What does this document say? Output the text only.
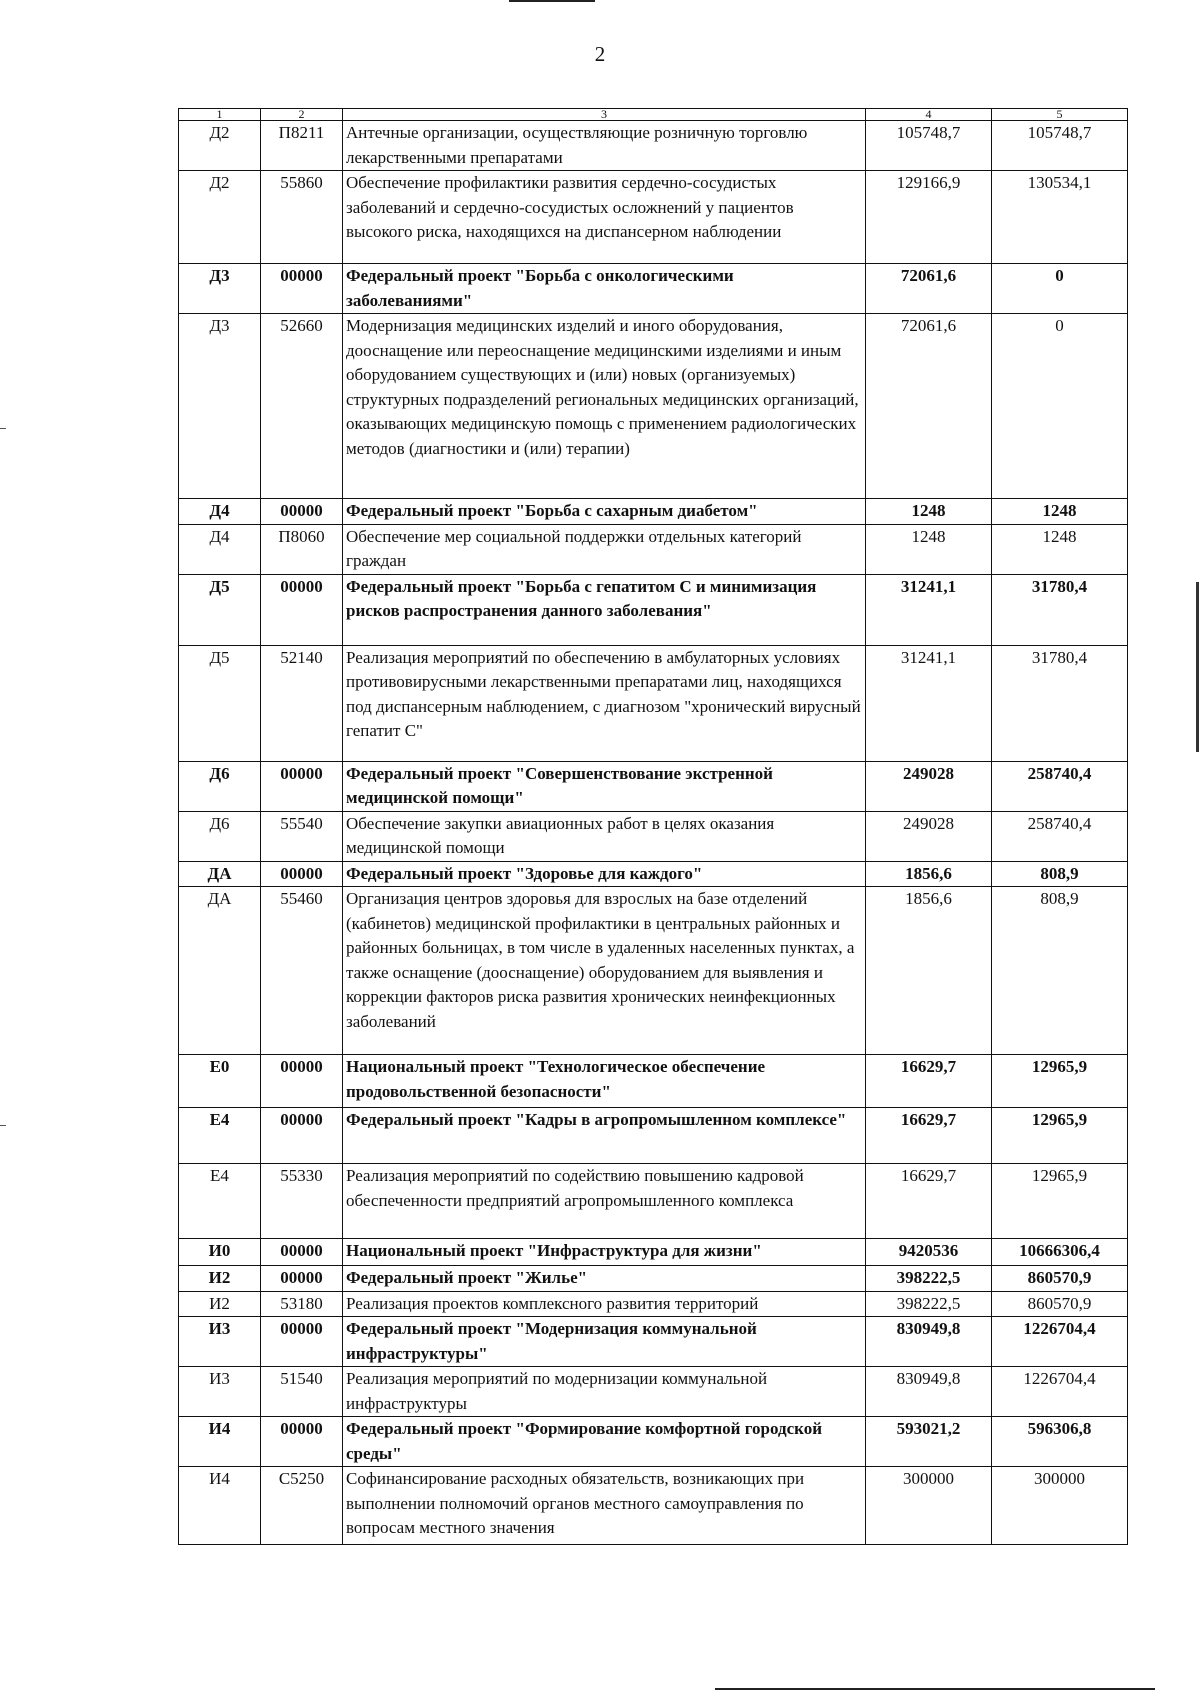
2
1	2	3	4	5
Д2	П8211	Антечные организации, осуществляющие розничную торговлю лекарственными препаратами	105748,7	105748,7
Д2	55860	Обеспечение профилактики развития сердечно-сосудистых заболеваний и сердечно-сосудистых осложнений у пациентов высокого риска, находящихся на диспансерном наблюдении	129166,9	130534,1
Д3	00000	Федеральный проект "Борьба с онкологическими заболеваниями"	72061,6	0
Д3	52660	Модернизация медицинских изделий и иного оборудования, дооснащение или переоснащение медицинскими изделиями и иным оборудованием существующих и (или) новых (организуемых) структурных подразделений региональных медицинских организаций, оказывающих медицинскую помощь с применением радиологических методов (диагностики и (или) терапии)	72061,6	0
Д4	00000	Федеральный проект "Борьба с сахарным диабетом"	1248	1248
Д4	П8060	Обеспечение мер социальной поддержки отдельных категорий граждан	1248	1248
Д5	00000	Федеральный проект "Борьба с гепатитом С и минимизация рисков распространения данного заболевания"	31241,1	31780,4
Д5	52140	Реализация мероприятий по обеспечению в амбулаторных условиях противовирусными лекарственными препаратами лиц, находящихся под диспансерным наблюдением, с диагнозом "хронический вирусный гепатит С"	31241,1	31780,4
Д6	00000	Федеральный проект "Совершенствование экстренной медицинской помощи"	249028	258740,4
Д6	55540	Обеспечение закупки авиационных работ в целях оказания медицинской помощи	249028	258740,4
ДА	00000	Федеральный проект "Здоровье для каждого"	1856,6	808,9
ДА	55460	Организация центров здоровья для взрослых на базе отделений (кабинетов) медицинской профилактики в центральных районных и районных больницах, в том числе в удаленных населенных пунктах, а также оснащение (дооснащение) оборудованием для выявления и коррекции факторов риска развития хронических неинфекционных заболеваний	1856,6	808,9
Е0	00000	Национальный проект "Технологическое обеспечение продовольственной безопасности"	16629,7	12965,9
Е4	00000	Федеральный проект "Кадры в агропромышленном комплексе"	16629,7	12965,9
Е4	55330	Реализация мероприятий по содействию повышению кадровой обеспеченности предприятий агропромышленного комплекса	16629,7	12965,9
И0	00000	Национальный проект "Инфраструктура для жизни"	9420536	10666306,4
И2	00000	Федеральный проект "Жилье"	398222,5	860570,9
И2	53180	Реализация проектов комплексного развития территорий	398222,5	860570,9
И3	00000	Федеральный проект "Модернизация коммунальной инфраструктуры"	830949,8	1226704,4
И3	51540	Реализация мероприятий по модернизации коммунальной инфраструктуры	830949,8	1226704,4
И4	00000	Федеральный проект "Формирование комфортной городской среды"	593021,2	596306,8
И4	С5250	Софинансирование расходных обязательств, возникающих при выполнении полномочий органов местного самоуправления по вопросам местного значения	300000	300000
